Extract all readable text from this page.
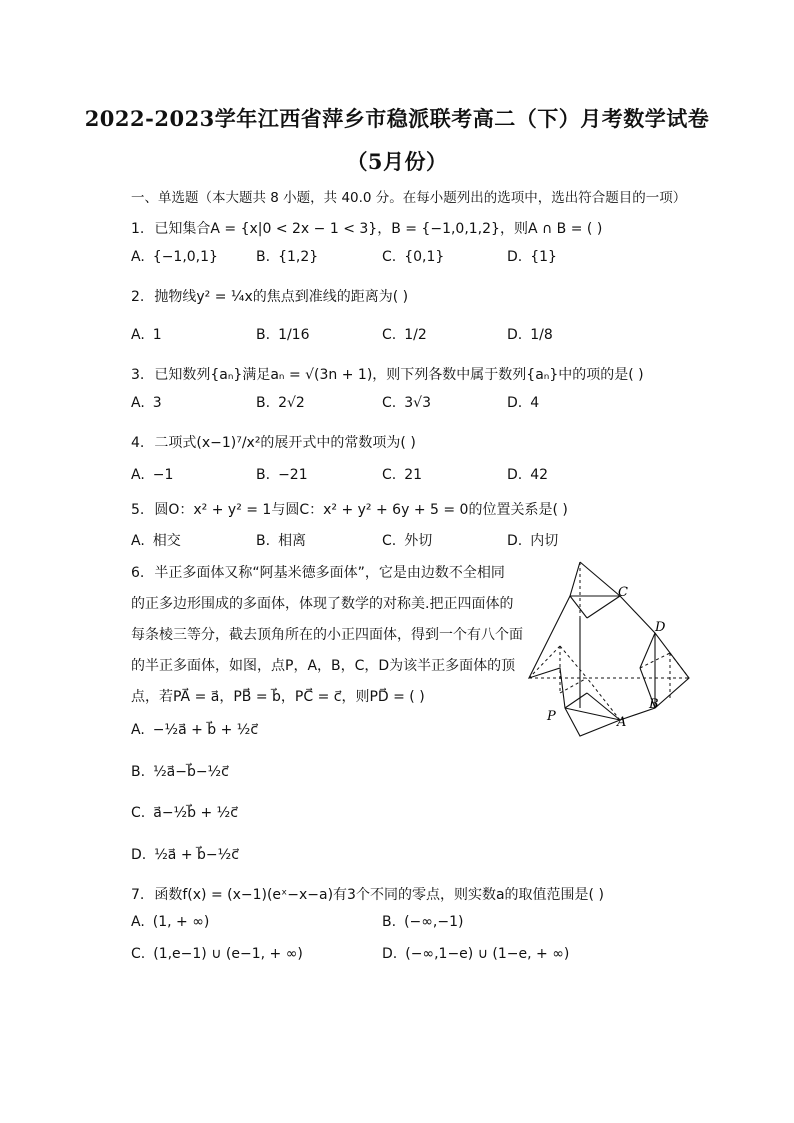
2022-2023学年江西省萍乡市稳派联考高二（下）月考数学试卷
（5月份）
一、单选题（本大题共 8 小题，共 40.0 分。在每小题列出的选项中，选出符合题目的一项）
1. 已知集合A = {x|0 < 2x − 1 < 3}，B = {−1,0,1,2}，则A ∩ B = ( )
A. {−1,0,1}	B. {1,2}	C. {0,1}	D. {1}
2. 抛物线y² = ¼x的焦点到准线的距离为( )
A. 1	B. 1/16	C. 1/2	D. 1/8
3. 已知数列{aₙ}满足aₙ = √(3n + 1)，则下列各数中属于数列{aₙ}中的项的是( )
A. 3	B. 2√2	C. 3√3	D. 4
4. 二项式(x−1)⁷/x²的展开式中的常数项为( )
A. −1	B. −21	C. 21	D. 42
5. 圆O：x² + y² = 1与圆C：x² + y² + 6y + 5 = 0的位置关系是( )
A. 相交	B. 相离	C. 外切	D. 内切
6. 半正多面体又称“阿基米德多面体”，它是由边数不全相同
的正多边形围成的多面体，体现了数学的对称美.把正四面体的
每条棱三等分，截去顶角所在的小正四面体，得到一个有八个面
的半正多面体，如图，点P，A，B，C，D为该半正多面体的顶
点，若PA⃗ = a⃗，PB⃗ = b⃗，PC⃗ = c⃗，则PD⃗ = ( )
A. −½a⃗ + b⃗ + ½c⃗
B. ½a⃗−b⃗−½c⃗
C. a⃗−½b⃗ + ½c⃗
D. ½a⃗ + b⃗−½c⃗
C
D
B
A
P
7. 函数f(x) = (x−1)(eˣ−x−a)有3个不同的零点，则实数a的取值范围是( )
A. (1, + ∞)	B. (−∞,−1)
C. (1,e−1) ∪ (e−1, + ∞)	D. (−∞,1−e) ∪ (1−e, + ∞)
